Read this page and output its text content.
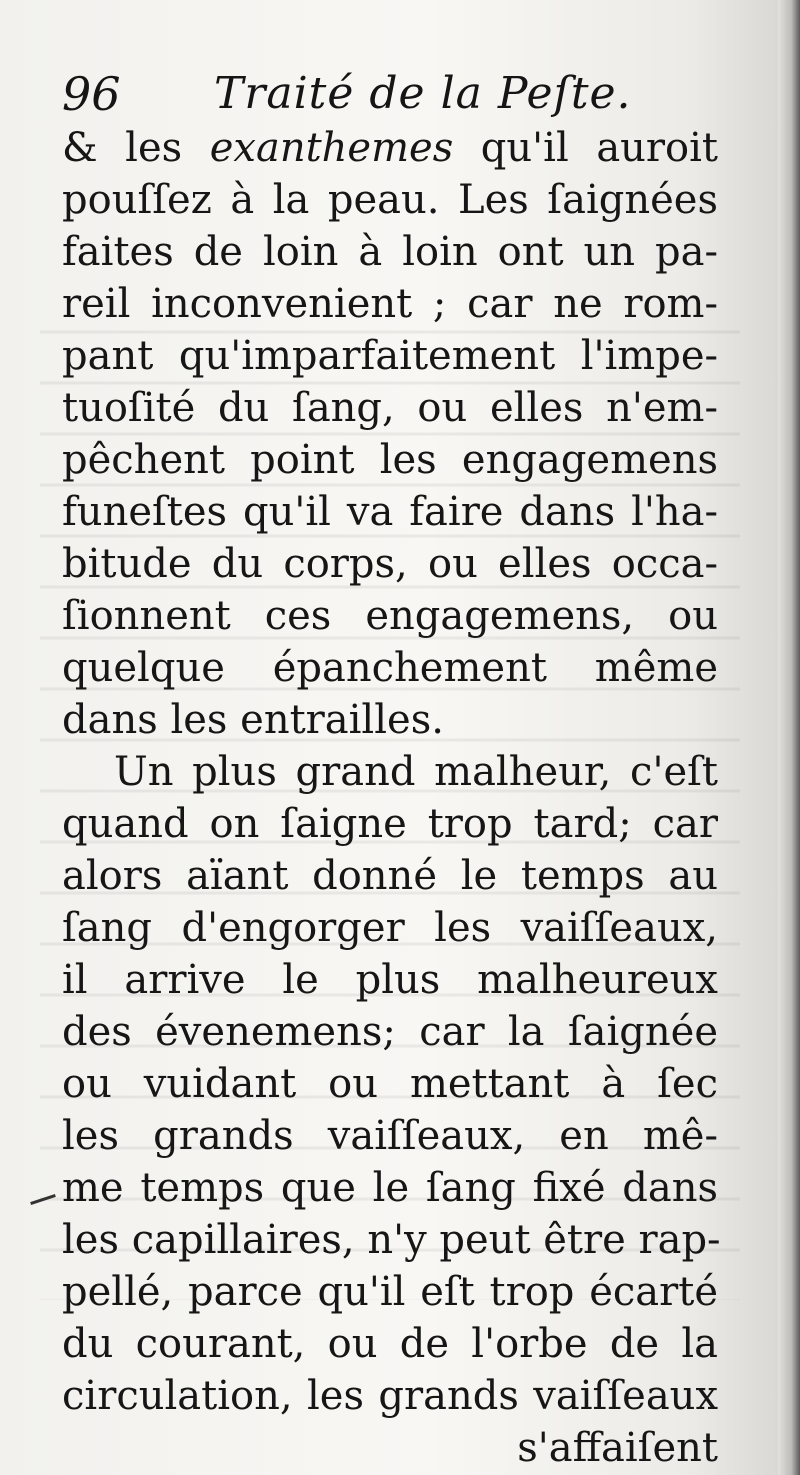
96 Traité de la Peſte.
& les exanthemes qu'il auroit
pouſſez à la peau. Les ſaignées
faites de loin à loin ont un pa-
reil inconvenient ; car ne rom-
pant qu'imparfaitement l'impe-
tuoſité du ſang, ou elles n'em-
pêchent point les engagemens
funeſtes qu'il va faire dans l'ha-
bitude du corps, ou elles occa-
ſionnent ces engagemens, ou
quelque épanchement même
dans les entrailles.
Un plus grand malheur, c'eſt
quand on ſaigne trop tard; car
alors aïant donné le temps au
ſang d'engorger les vaiſſeaux,
il arrive le plus malheureux
des évenemens; car la ſaignée
ou vuidant ou mettant à ſec
les grands vaiſſeaux, en mê-
me temps que le ſang fixé dans
les capillaires, n'y peut être rap-
pellé, parce qu'il eſt trop écarté
du courant, ou de l'orbe de la
circulation, les grands vaiſſeaux
s'affaiſent
